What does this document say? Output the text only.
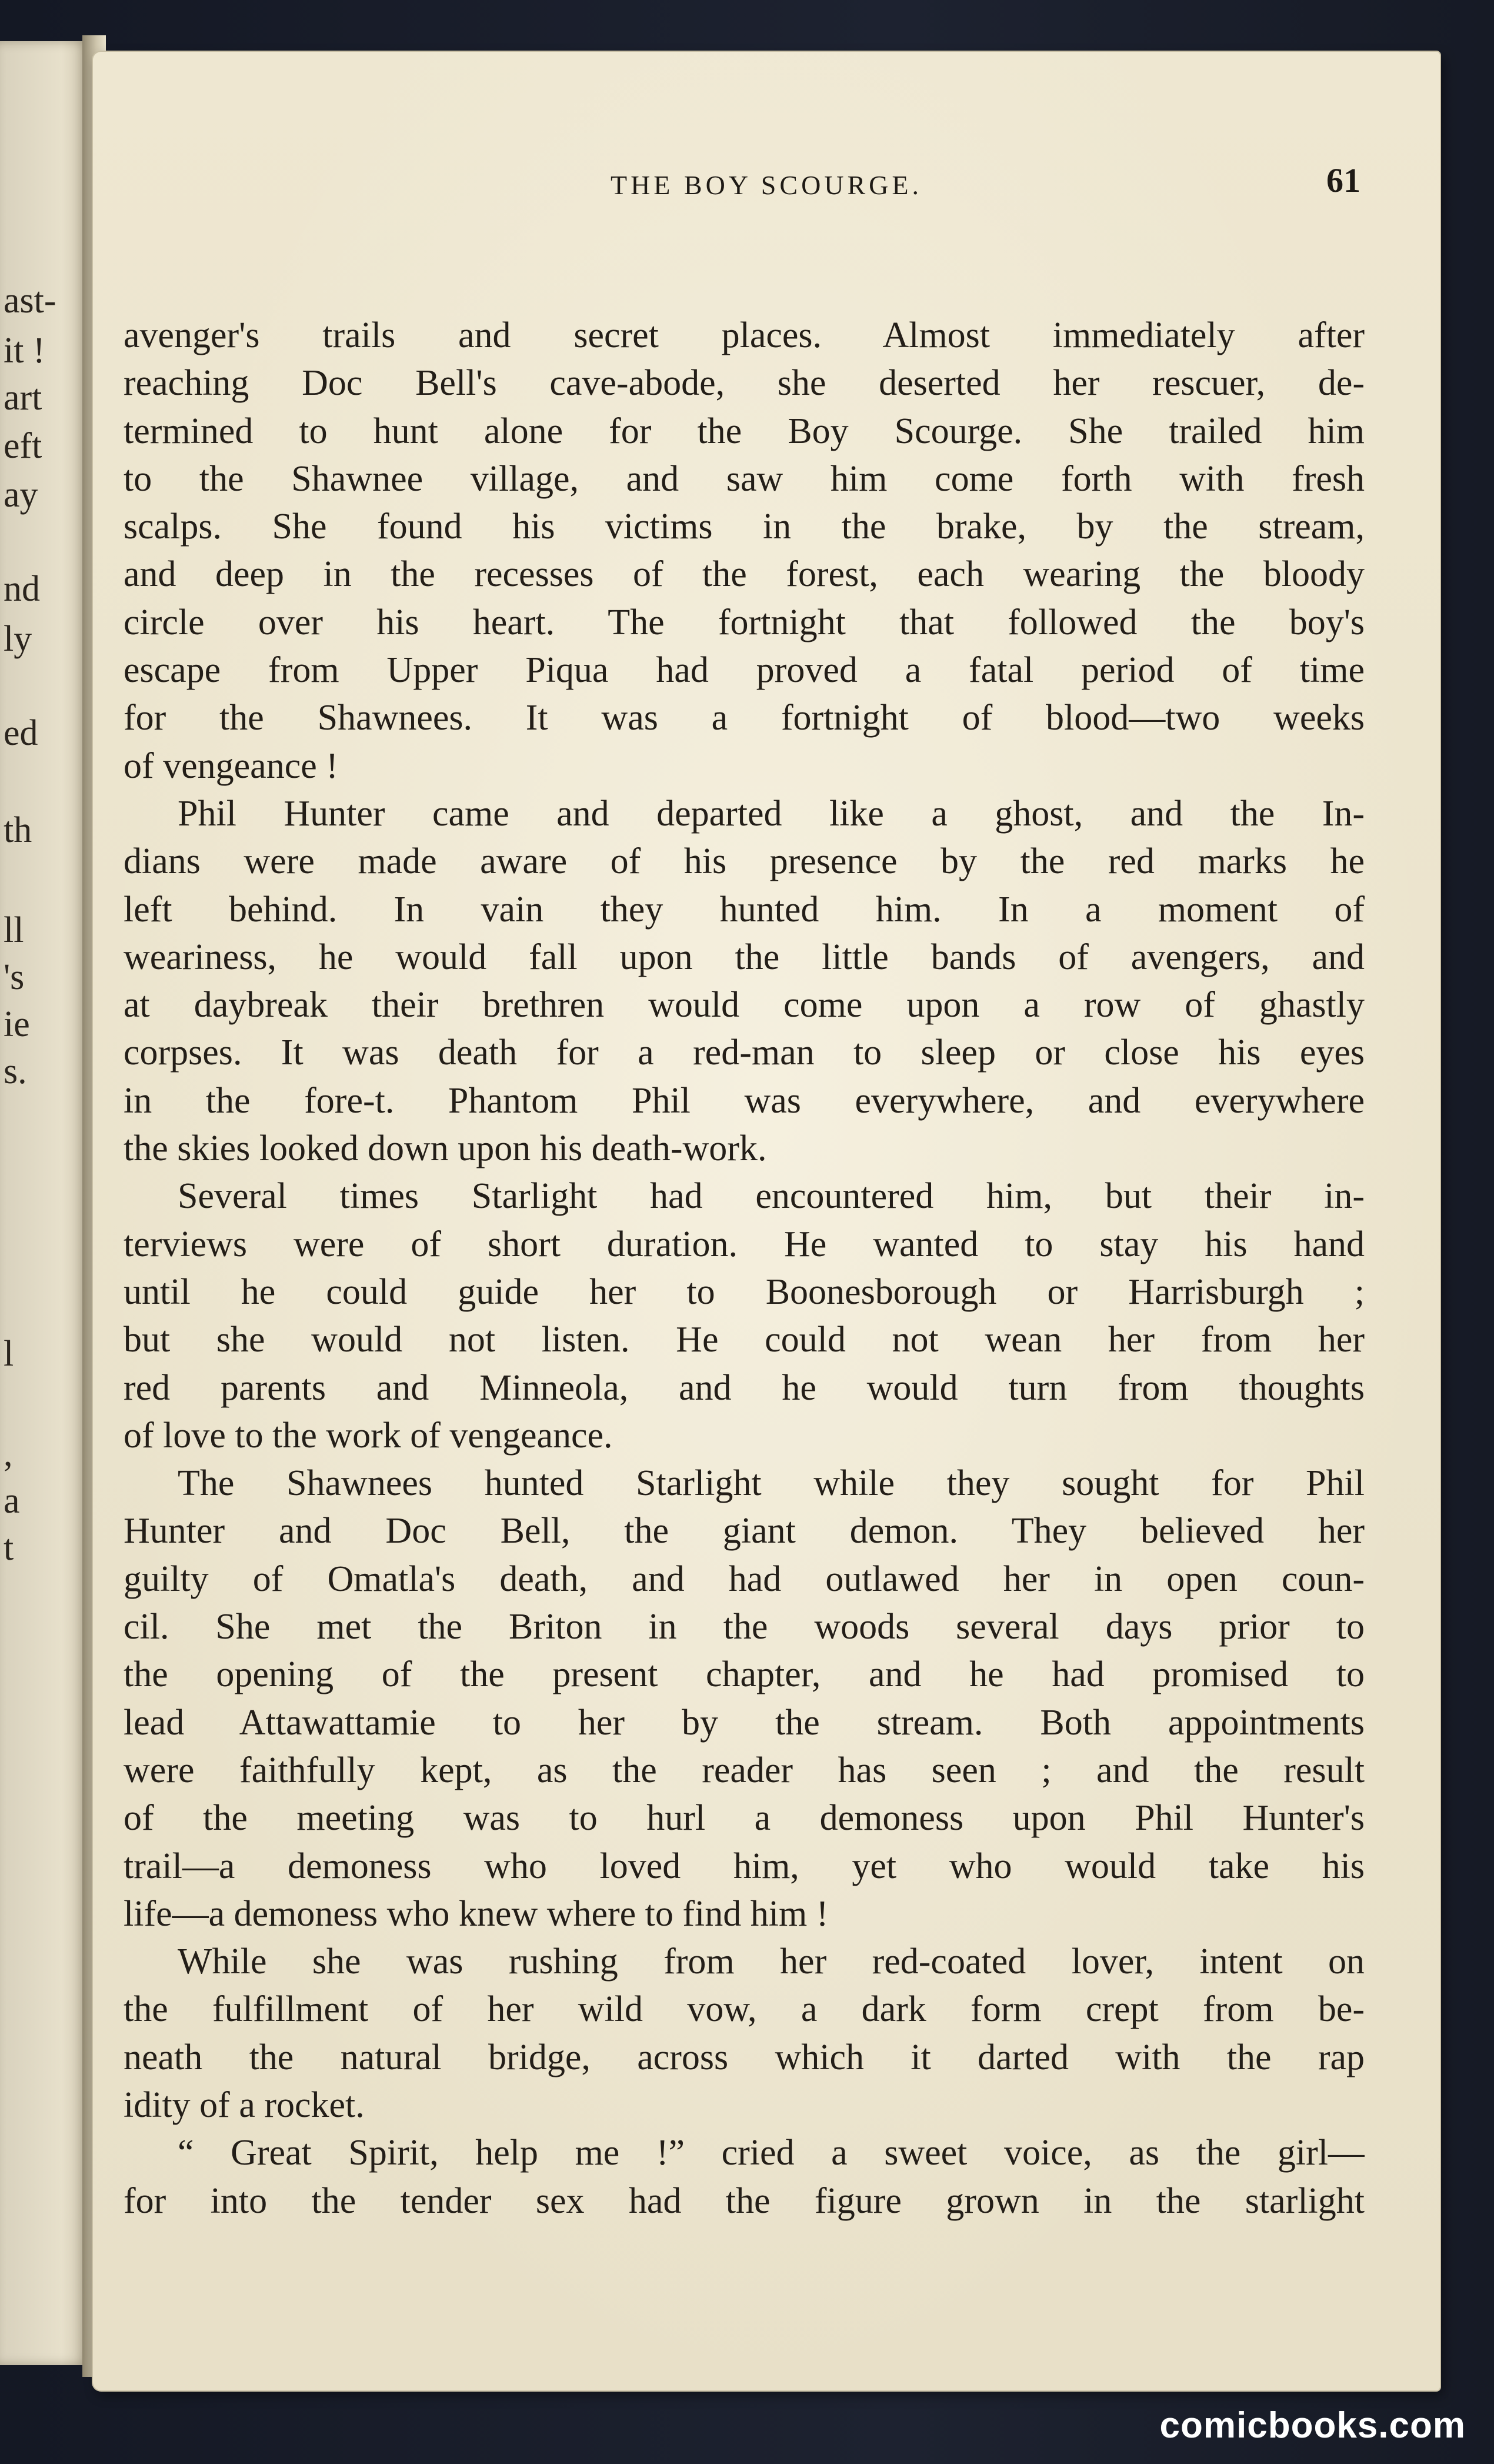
ast-
it !
art
eft
ay
nd
ly
ed
th
ll
's
ie
s.
l
,
a
t
THE BOY SCOURGE.	61
avenger's trails and secret places. Almost immediately after
reaching Doc Bell's cave-abode, she deserted her rescuer, de-
termined to hunt alone for the Boy Scourge. She trailed him
to the Shawnee village, and saw him come forth with fresh
scalps. She found his victims in the brake, by the stream,
and deep in the recesses of the forest, each wearing the bloody
circle over his heart. The fortnight that followed the boy's
escape from Upper Piqua had proved a fatal period of time
for the Shawnees. It was a fortnight of blood—two weeks
of vengeance !
Phil Hunter came and departed like a ghost, and the In-
dians were made aware of his presence by the red marks he
left behind. In vain they hunted him. In a moment of
weariness, he would fall upon the little bands of avengers, and
at daybreak their brethren would come upon a row of ghastly
corpses. It was death for a red-man to sleep or close his eyes
in the fore-t. Phantom Phil was everywhere, and everywhere
the skies looked down upon his death-work.
Several times Starlight had encountered him, but their in-
terviews were of short duration. He wanted to stay his hand
until he could guide her to Boonesborough or Harrisburgh ;
but she would not listen. He could not wean her from her
red parents and Minneola, and he would turn from thoughts
of love to the work of vengeance.
The Shawnees hunted Starlight while they sought for Phil
Hunter and Doc Bell, the giant demon. They believed her
guilty of Omatla's death, and had outlawed her in open coun-
cil. She met the Briton in the woods several days prior to
the opening of the present chapter, and he had promised to
lead Attawattamie to her by the stream. Both appointments
were faithfully kept, as the reader has seen ; and the result
of the meeting was to hurl a demoness upon Phil Hunter's
trail—a demoness who loved him, yet who would take his
life—a demoness who knew where to find him !
While she was rushing from her red-coated lover, intent on
the fulfillment of her wild vow, a dark form crept from be-
neath the natural bridge, across which it darted with the rap
idity of a rocket.
“ Great Spirit, help me !” cried a sweet voice, as the girl—
for into the tender sex had the figure grown in the starlight
comicbooks.com
